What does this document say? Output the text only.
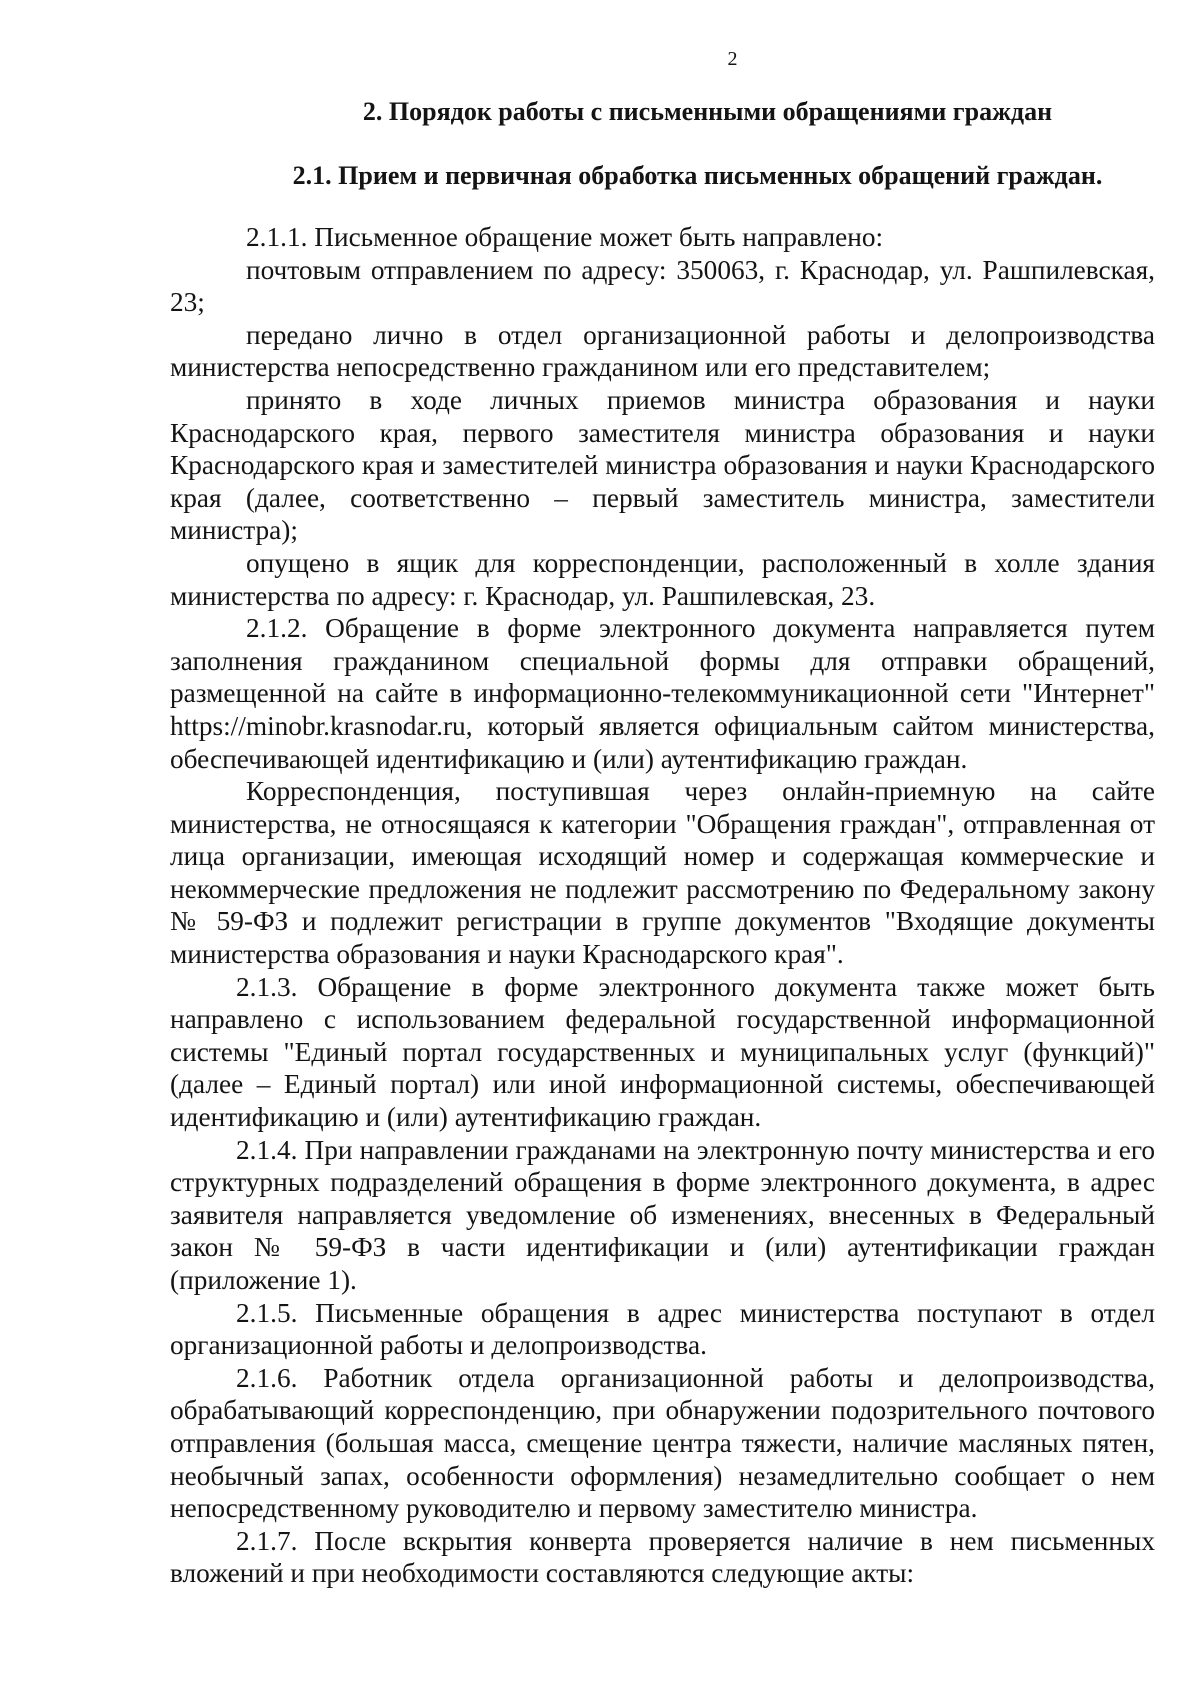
2
2. Порядок работы с письменными обращениями граждан
2.1. Прием и первичная обработка письменных обращений граждан.

2.1.1. Письменное обращение может быть направлено:

почтовым отправлением по адресу: 350063, г. Краснодар, ул. Рашпилевская, 23;

передано лично в отдел организационной работы и делопроизводства министерства непосредственно гражданином или его представителем;

принято в ходе личных приемов министра образования и науки Краснодарского края, первого заместителя министра образования и науки Краснодарского края и заместителей министра образования и науки Краснодарского края (далее, соответственно – первый заместитель министра, заместители министра);

опущено в ящик для корреспонденции, расположенный в холле здания министерства по адресу: г. Краснодар, ул. Рашпилевская, 23.

2.1.2. Обращение в форме электронного документа направляется путем заполнения гражданином специальной формы для отправки обращений, размещенной на сайте в информационно-телекоммуникационной сети "Интернет" https://minobr.krasnodar.ru, который является официальным сайтом министерства, обеспечивающей идентификацию и (или) аутентификацию граждан.

Корреспонденция, поступившая через онлайн-приемную на сайте министерства, не относящаяся к категории "Обращения граждан", отправленная от лица организации, имеющая исходящий номер и содержащая коммерческие и некоммерческие предложения не подлежит рассмотрению по Федеральному закону № 59-ФЗ и подлежит регистрации в группе документов "Входящие документы министерства образования и науки Краснодарского края".

2.1.3. Обращение в форме электронного документа также может быть направлено с использованием федеральной государственной информационной системы "Единый портал государственных и муниципальных услуг (функций)" (далее – Единый портал) или иной информационной системы, обеспечивающей идентификацию и (или) аутентификацию граждан.

2.1.4. При направлении гражданами на электронную почту министерства и его структурных подразделений обращения в форме электронного документа, в адрес заявителя направляется уведомление об изменениях, внесенных в Федеральный закон № 59-ФЗ в части идентификации и (или) аутентификации граждан (приложение 1).

2.1.5. Письменные обращения в адрес министерства поступают в отдел организационной работы и делопроизводства.

2.1.6. Работник отдела организационной работы и делопроизводства, обрабатывающий корреспонденцию, при обнаружении подозрительного почтового отправления (большая масса, смещение центра тяжести, наличие масляных пятен, необычный запах, особенности оформления) незамедлительно сообщает о нем непосредственному руководителю и первому заместителю министра.

2.1.7. После вскрытия конверта проверяется наличие в нем письменных вложений и при необходимости составляются следующие акты:
